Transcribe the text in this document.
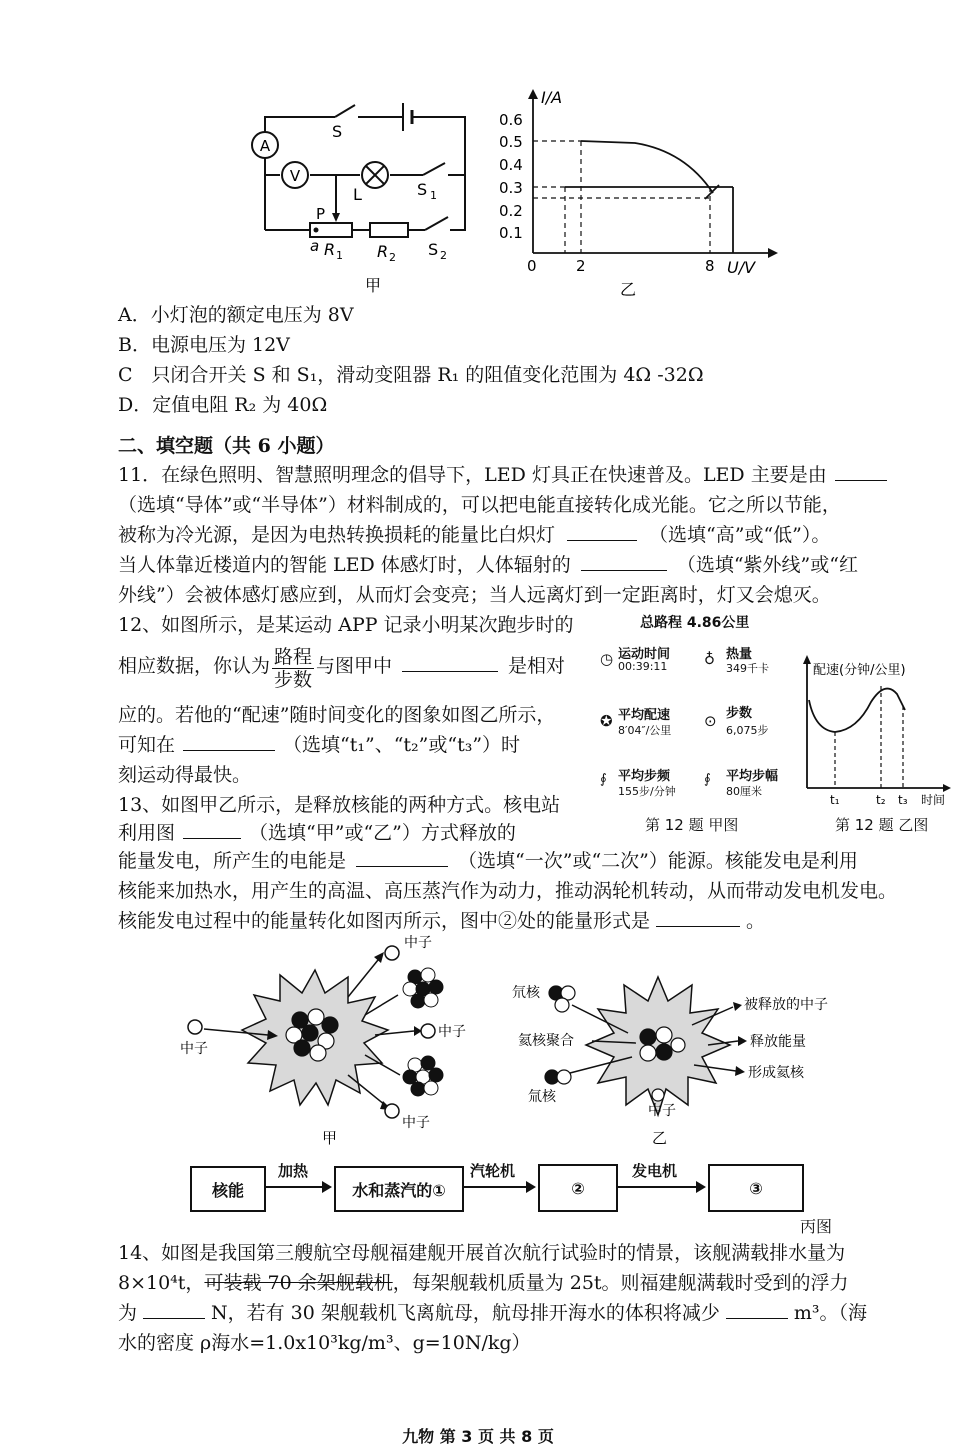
A
V
S
L	S 1
P
a R 1 R 2 S 2
甲
I/A
U/V
0.6
0.5
0.4
0.3
0.2
0.1
0	2	8
乙
A．小灯泡的额定电压为 8V
B．电源电压为 12V
C　只闭合开关 S 和 S₁，滑动变阻器 R₁ 的阻值变化范围为 4Ω -32Ω
D．定值电阻 R₂ 为 40Ω
二、填空题（共 6 小题）
11．在绿色照明、智慧照明理念的倡导下，LED 灯具正在快速普及。LED 主要是由
（选填“导体”或“半导体”）材料制成的，可以把电能直接转化成光能。它之所以节能，
被称为冷光源，是因为电热转换损耗的能量比白炽灯	（选填“高”或“低”）。
当人体靠近楼道内的智能 LED 体感灯时，人体辐射的	（选填“紫外线”或“红
外线”）会被体感灯感应到，从而灯会变亮；当人远离灯到一定距离时，灯又会熄灭。
12、如图所示，是某运动 APP 记录小明某次跑步时的
相应数据，你认为 $\frac{\text{路程}}{\text{步数}}$ 与图甲中	是相对
应的。若他的“配速”随时间变化的图象如图乙所示，
可知在	（选填“t₁”、“t₂”或“t₃”）时
刻运动得最快。
总路程 4.86公里
◷ 运动时间
00:39:11 ♁ 热量
349千卡
✪ 平均配速
8′04″/公里
⊙ 步数
6,075步
∮ 平均步频
155步/分钟
∮ 平均步幅
80厘米
第 12 题 甲图
配速(分钟/公里)
t₁	t₂ t₃ 时间
第 12 题 乙图
13、如图甲乙所示，是释放核能的两种方式。核电站
利用图	（选填“甲”或“乙”）方式释放的
能量发电，所产生的电能是	（选填“一次”或“二次”）能源。核能发电是利用
核能来加热水，用产生的高温、高压蒸汽作为动力，推动涡轮机转动，从而带动发电机发电。
核能发电过程中的能量转化如图丙所示，图中②处的能量形式是	。
中子
中子
中子
中子
甲
氘核
氦核聚合
氚核
被释放的中子
释放能量
形成氦核
中子
乙
核能
加热
水和蒸汽的①
汽轮机
②
发电机
③
丙图
14、如图是我国第三艘航空母舰福建舰开展首次航行试验时的情景，该舰满载排水量为
8×10⁴t，可装载 70 余架舰载机，每架舰载机质量为 25t。则福建舰满载时受到的浮力
为	N，若有 30 架舰载机飞离航母，航母排开海水的体积将减少	m³。（海
水的密度 ρ海水=1.0x10³kg/m³、g=10N/kg）
九物 第 3 页 共 8 页
